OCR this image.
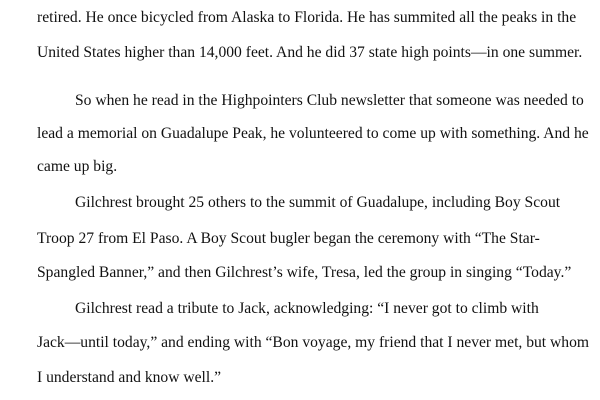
retired. He once bicycled from Alaska to Florida. He has summited all the peaks in the
United States higher than 14,000 feet. And he did 37 state high points—in one summer.
So when he read in the Highpointers Club newsletter that someone was needed to
lead a memorial on Guadalupe Peak, he volunteered to come up with something. And he
came up big.
Gilchrest brought 25 others to the summit of Guadalupe, including Boy Scout
Troop 27 from El Paso. A Boy Scout bugler began the ceremony with “The Star-
Spangled Banner,” and then Gilchrest’s wife, Tresa, led the group in singing “Today.”
Gilchrest read a tribute to Jack, acknowledging: “I never got to climb with
Jack—until today,” and ending with “Bon voyage, my friend that I never met, but whom
I understand and know well.”
